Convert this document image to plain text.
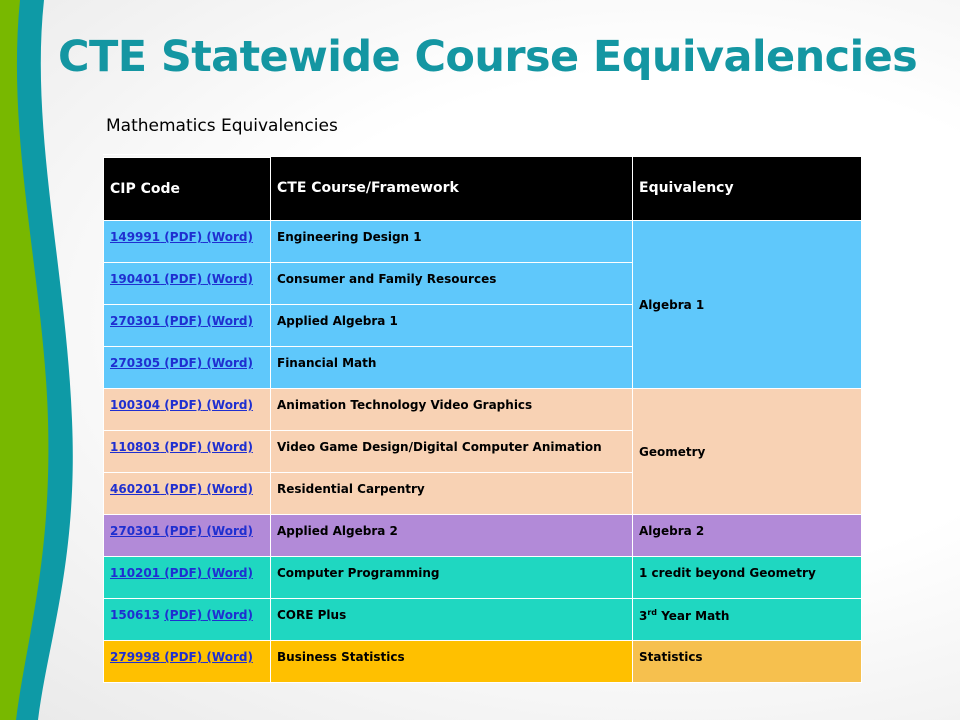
CTE Statewide Course Equivalencies

Mathematics Equivalencies

CIP Code	CTE Course/Framework	Equivalency
149991 (PDF) (Word)	Engineering Design 1	Algebra 1
190401 (PDF) (Word)	Consumer and Family Resources	
270301 (PDF) (Word)	Applied Algebra 1	
270305 (PDF) (Word)	Financial Math	
100304 (PDF) (Word)	Animation Technology Video Graphics	Geometry
110803 (PDF) (Word)	Video Game Design/Digital Computer Animation	
460201 (PDF) (Word)	Residential Carpentry	
270301 (PDF) (Word)	Applied Algebra 2	Algebra 2
110201 (PDF) (Word)	Computer Programming	1 credit beyond Geometry
150613 (PDF) (Word)	CORE Plus	3rd Year Math
279998 (PDF) (Word)	Business Statistics	Statistics
